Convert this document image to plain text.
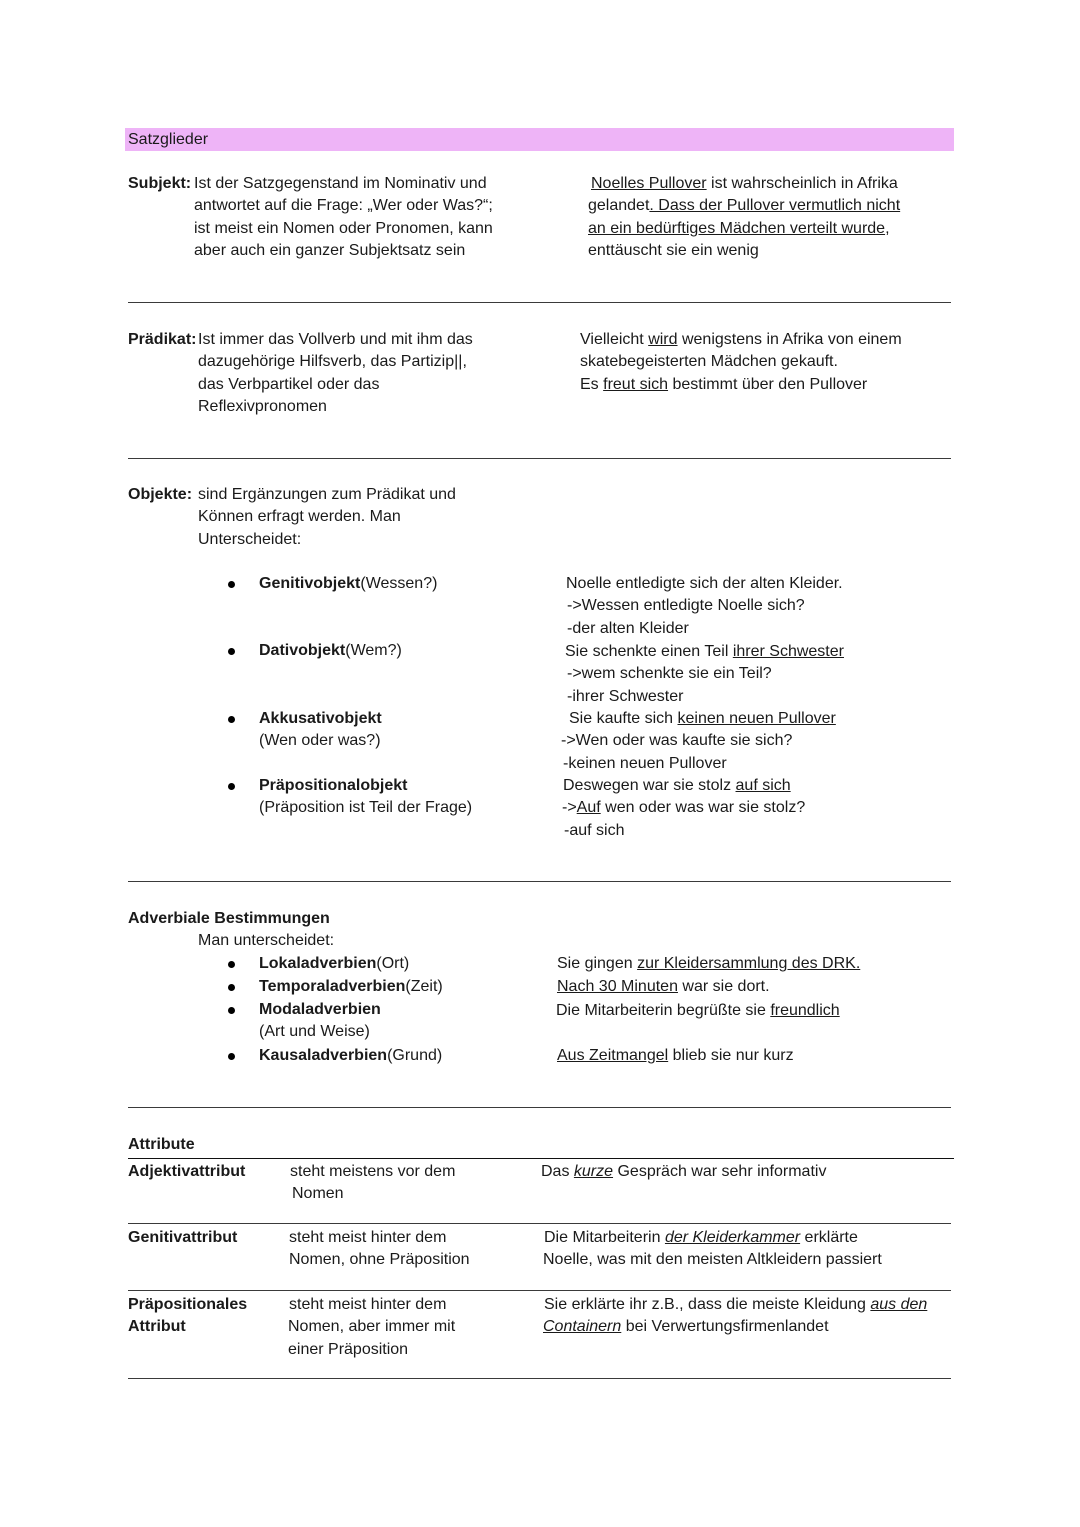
Satzglieder
Subjekt: Ist der Satzgegenstand im Nominativ und
antwortet auf die Frage: „Wer oder Was?“;
ist meist ein Nomen oder Pronomen, kann
aber auch ein ganzer Subjektsatz sein
Noelles Pullover ist wahrscheinlich in Afrika
gelandet. Dass der Pullover vermutlich nicht
an ein bedürftiges Mädchen verteilt wurde,
enttäuscht sie ein wenig
Prädikat: Ist immer das Vollverb und mit ihm das
dazugehörige Hilfsverb, das Partizip||,
das Verbpartikel oder das
Reflexivpronomen
Vielleicht wird wenigstens in Afrika von einem
skatebegeisterten Mädchen gekauft.
Es freut sich bestimmt über den Pullover
Objekte: sind Ergänzungen zum Prädikat und
Können erfragt werden. Man
Unterscheidet:
Genitivobjekt(Wessen?)
Dativobjekt(Wem?)
Akkusativobjekt
(Wen oder was?)
Präpositionalobjekt
(Präposition ist Teil der Frage)
Noelle entledigte sich der alten Kleider.
->Wessen entledigte Noelle sich?
-der alten Kleider
Sie schenkte einen Teil ihrer Schwester
->wem schenkte sie ein Teil?
-ihrer Schwester
Sie kaufte sich keinen neuen Pullover
->Wen oder was kaufte sie sich?
-keinen neuen Pullover
Deswegen war sie stolz auf sich
->Auf wen oder was war sie stolz?
-auf sich
Adverbiale Bestimmungen
Man unterscheidet:
Lokaladverbien(Ort)
Temporaladverbien(Zeit)
Modaladverbien
(Art und Weise)
Kausaladverbien(Grund)
Sie gingen zur Kleidersammlung des DRK.
Nach 30 Minuten war sie dort.
Die Mitarbeiterin begrüßte sie freundlich
Aus Zeitmangel blieb sie nur kurz
Attribute
Adjektivattribut	steht meistens vor dem
Nomen
Das kurze Gespräch war sehr informativ
Genitivattribut	steht meist hinter dem
Nomen, ohne Präposition
Die Mitarbeiterin der Kleiderkammer erklärte
Noelle, was mit den meisten Altkleidern passiert
Präpositionales
Attribut
steht meist hinter dem
Nomen, aber immer mit
einer Präposition
Sie erklärte ihr z.B., dass die meiste Kleidung aus den
Containern bei Verwertungsfirmenlandet
